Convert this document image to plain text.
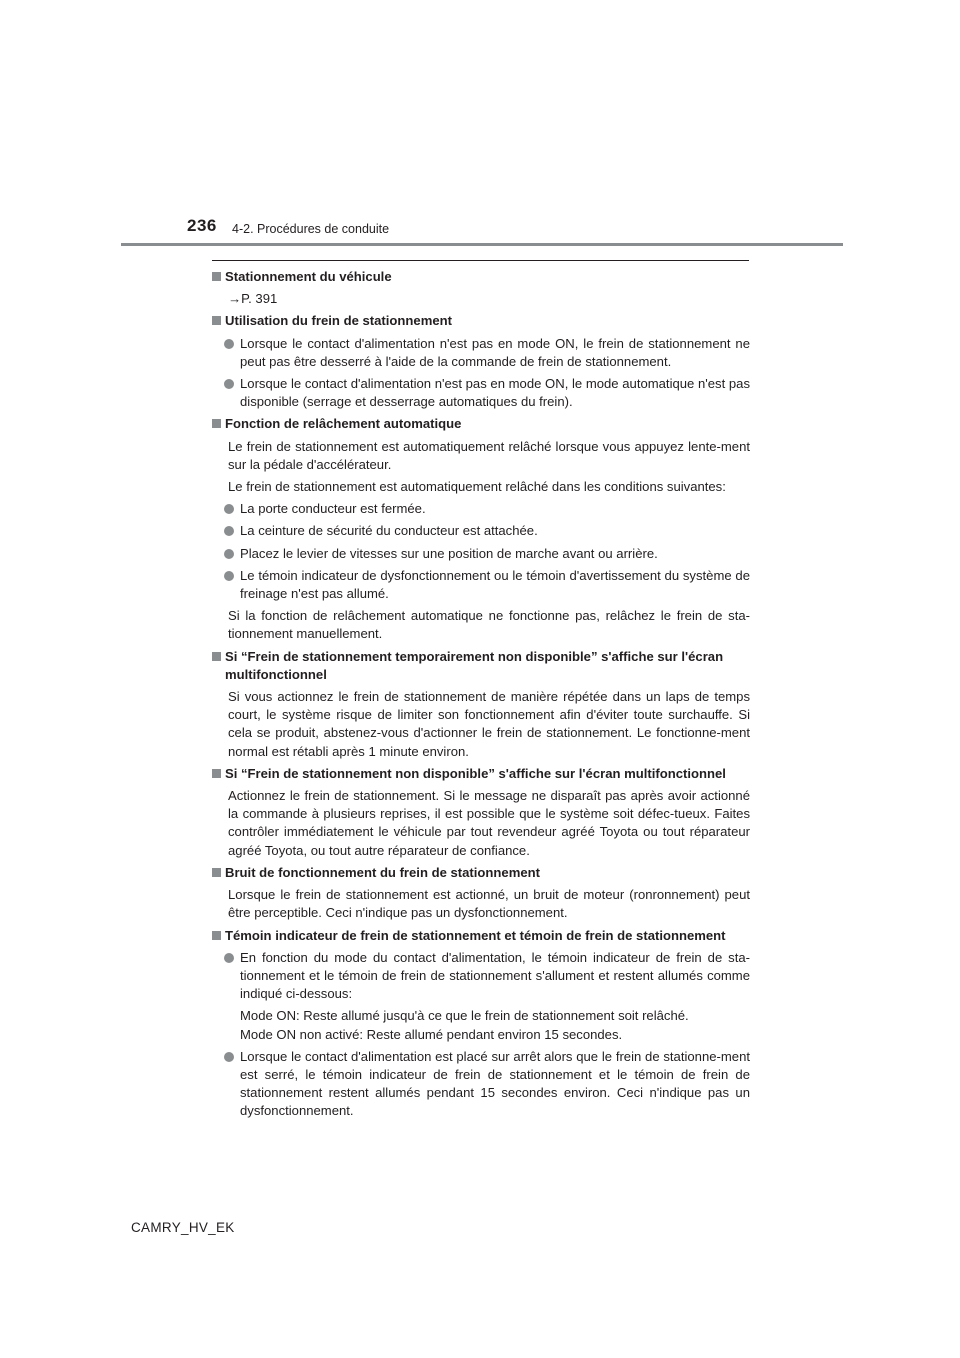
236 4-2. Procédures de conduite
Stationnement du véhicule
→P. 391
Utilisation du frein de stationnement
Lorsque le contact d'alimentation n'est pas en mode ON, le frein de stationnement ne peut pas être desserré à l'aide de la commande de frein de stationnement.
Lorsque le contact d'alimentation n'est pas en mode ON, le mode automatique n'est pas disponible (serrage et desserrage automatiques du frein).
Fonction de relâchement automatique
Le frein de stationnement est automatiquement relâché lorsque vous appuyez lente-ment sur la pédale d'accélérateur.
Le frein de stationnement est automatiquement relâché dans les conditions suivantes:
La porte conducteur est fermée.
La ceinture de sécurité du conducteur est attachée.
Placez le levier de vitesses sur une position de marche avant ou arrière.
Le témoin indicateur de dysfonctionnement ou le témoin d'avertissement du système de freinage n'est pas allumé.
Si la fonction de relâchement automatique ne fonctionne pas, relâchez le frein de sta-tionnement manuellement.
Si “Frein de stationnement temporairement non disponible” s'affiche sur l'écran multifonctionnel
Si vous actionnez le frein de stationnement de manière répétée dans un laps de temps court, le système risque de limiter son fonctionnement afin d'éviter toute surchauffe. Si cela se produit, abstenez-vous d'actionner le frein de stationnement. Le fonctionne-ment normal est rétabli après 1 minute environ.
Si “Frein de stationnement non disponible” s'affiche sur l'écran multifonctionnel
Actionnez le frein de stationnement. Si le message ne disparaît pas après avoir actionné la commande à plusieurs reprises, il est possible que le système soit défec-tueux. Faites contrôler immédiatement le véhicule par tout revendeur agréé Toyota ou tout réparateur agréé Toyota, ou tout autre réparateur de confiance.
Bruit de fonctionnement du frein de stationnement
Lorsque le frein de stationnement est actionné, un bruit de moteur (ronronnement) peut être perceptible. Ceci n'indique pas un dysfonctionnement.
Témoin indicateur de frein de stationnement et témoin de frein de stationnement
En fonction du mode du contact d'alimentation, le témoin indicateur de frein de sta-tionnement et le témoin de frein de stationnement s'allument et restent allumés comme indiqué ci-dessous:
Mode ON: Reste allumé jusqu'à ce que le frein de stationnement soit relâché.
Mode ON non activé: Reste allumé pendant environ 15 secondes.
Lorsque le contact d'alimentation est placé sur arrêt alors que le frein de stationne-ment est serré, le témoin indicateur de frein de stationnement et le témoin de frein de stationnement restent allumés pendant 15 secondes environ. Ceci n'indique pas un dysfonctionnement.
CAMRY_HV_EK
